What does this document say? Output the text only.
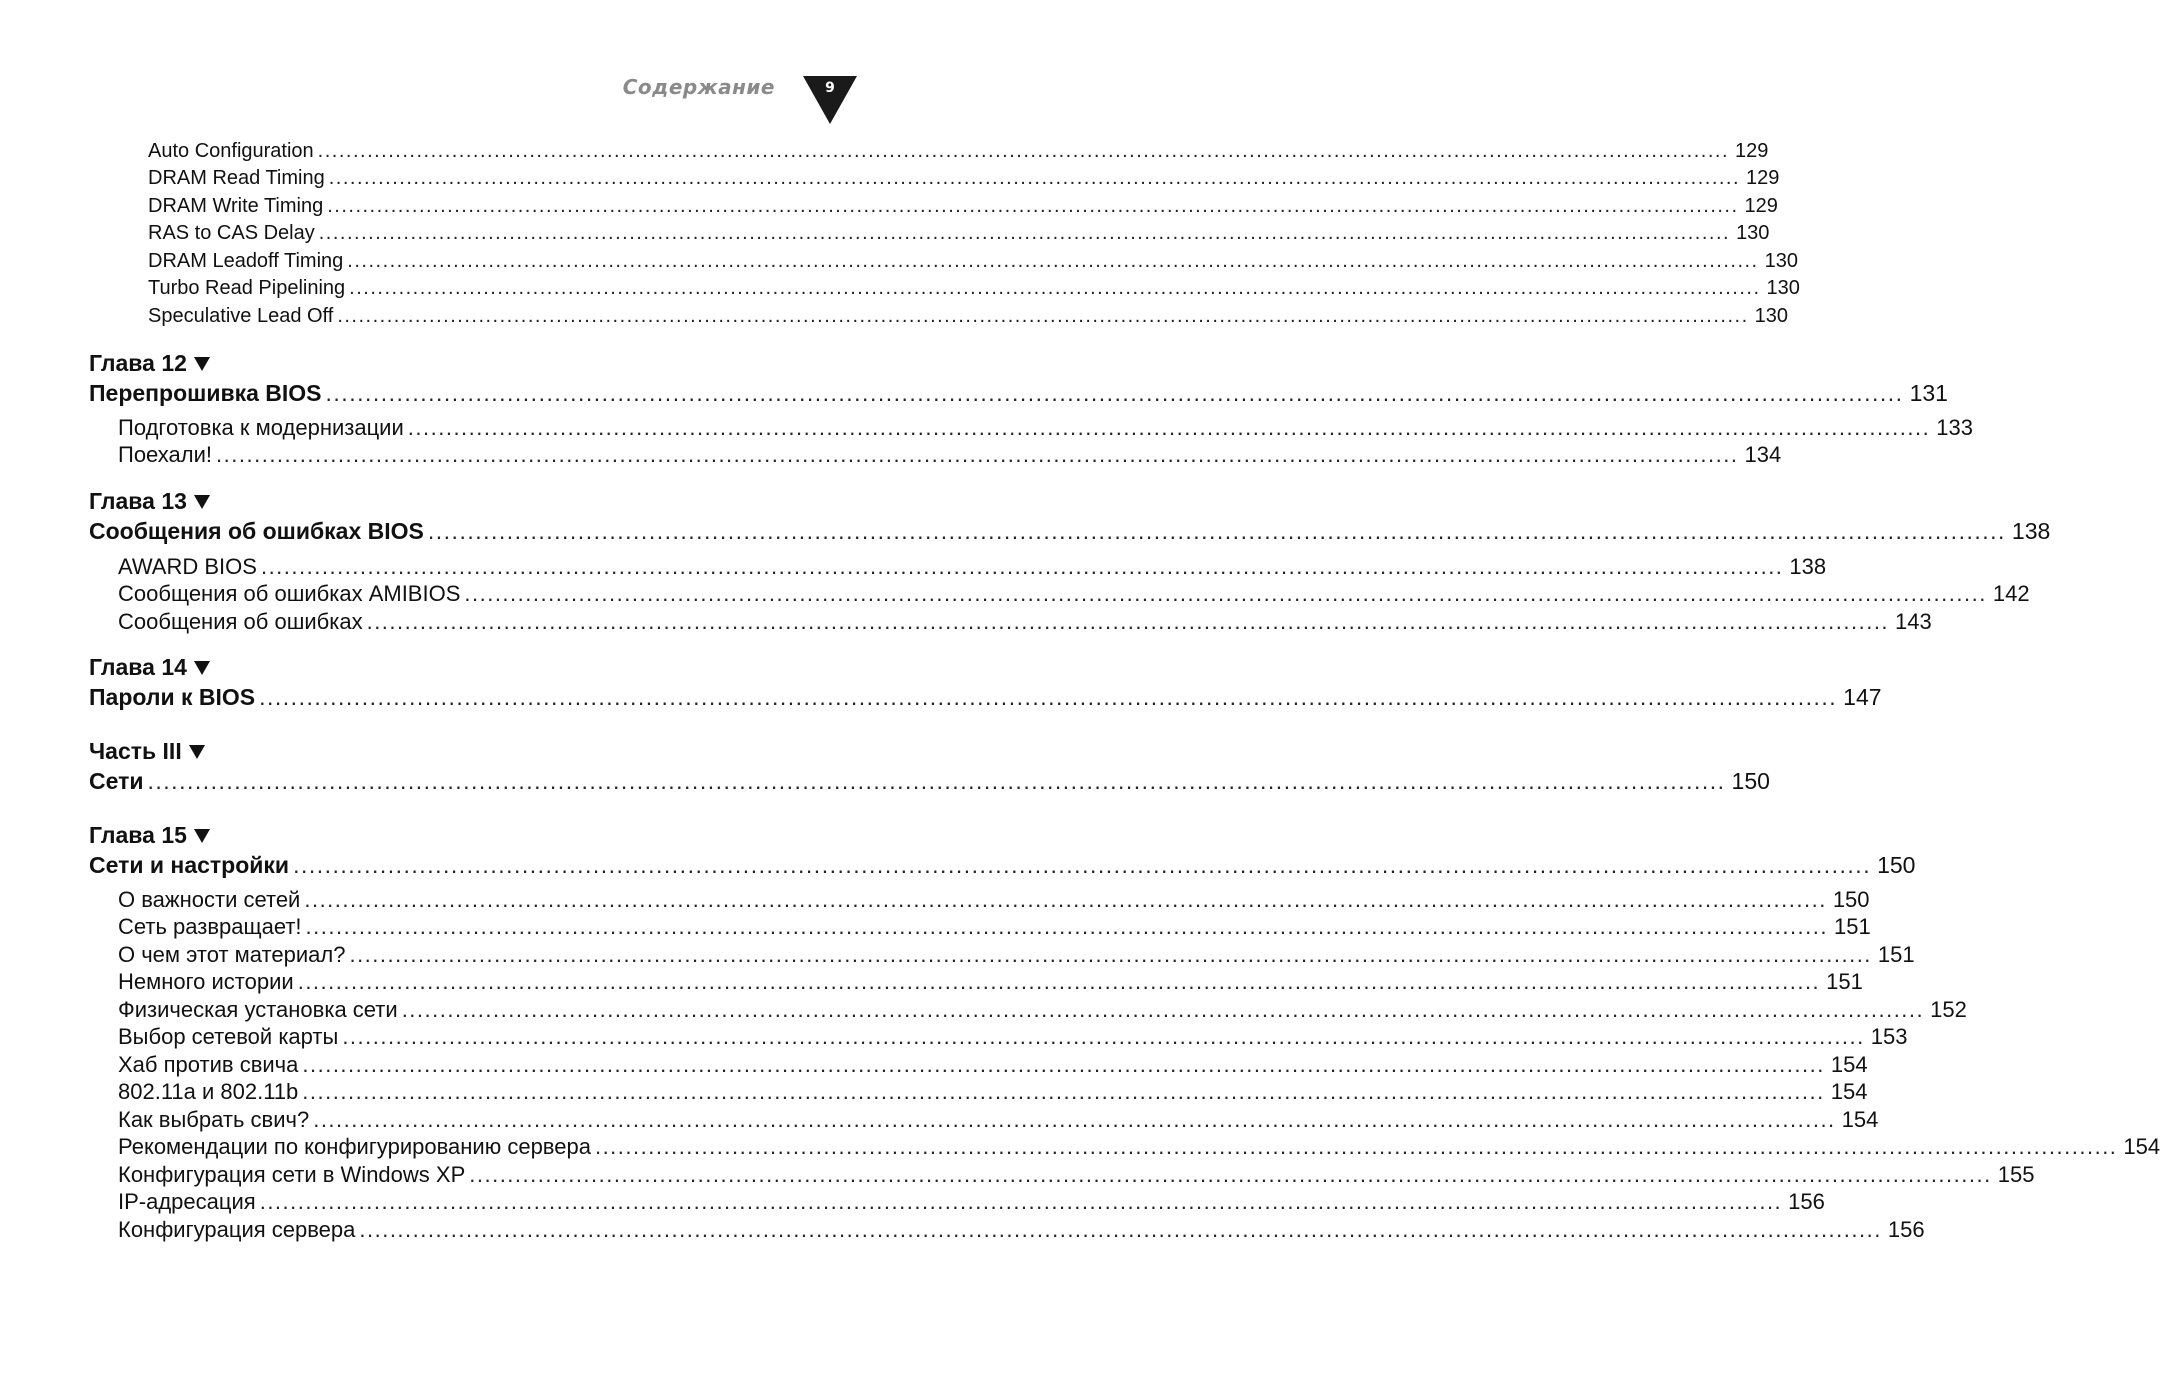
Содержание	9
Auto Configuration ........................................................................................................................................................................................................ 129
DRAM Read Timing ........................................................................................................................................................................................................ 129
DRAM Write Timing ........................................................................................................................................................................................................ 129
RAS to CAS Delay ........................................................................................................................................................................................................ 130
DRAM Leadoff Timing ........................................................................................................................................................................................................ 130
Turbo Read Pipelining ........................................................................................................................................................................................................ 130
Speculative Lead Off ........................................................................................................................................................................................................ 130
Глава 12
Перепрошивка BIOS ........................................................................................................................................................................................................ 131
Подготовка к модернизации ........................................................................................................................................................................................................ 133
Поехали! ........................................................................................................................................................................................................ 134
Глава 13
Сообщения об ошибках BIOS ........................................................................................................................................................................................................ 138
AWARD BIOS ........................................................................................................................................................................................................ 138
Сообщения об ошибках AMIBIOS ........................................................................................................................................................................................................ 142
Сообщения об ошибках ........................................................................................................................................................................................................ 143
Глава 14
Пароли к BIOS ........................................................................................................................................................................................................ 147
Часть III
Сети ........................................................................................................................................................................................................ 150
Глава 15
Сети и настройки ........................................................................................................................................................................................................ 150
О важности сетей ........................................................................................................................................................................................................ 150
Сеть развращает! ........................................................................................................................................................................................................ 151
О чем этот материал? ........................................................................................................................................................................................................ 151
Немного истории ........................................................................................................................................................................................................ 151
Физическая установка сети ........................................................................................................................................................................................................ 152
Выбор сетевой карты ........................................................................................................................................................................................................ 153
Хаб против свича ........................................................................................................................................................................................................ 154
802.11a и 802.11b ........................................................................................................................................................................................................ 154
Как выбрать свич? ........................................................................................................................................................................................................ 154
Рекомендации по конфигурированию сервера ........................................................................................................................................................................................................ 154
Конфигурация сети в Windows XP ........................................................................................................................................................................................................ 155
IP-адресация ........................................................................................................................................................................................................ 156
Конфигурация сервера ........................................................................................................................................................................................................ 156
